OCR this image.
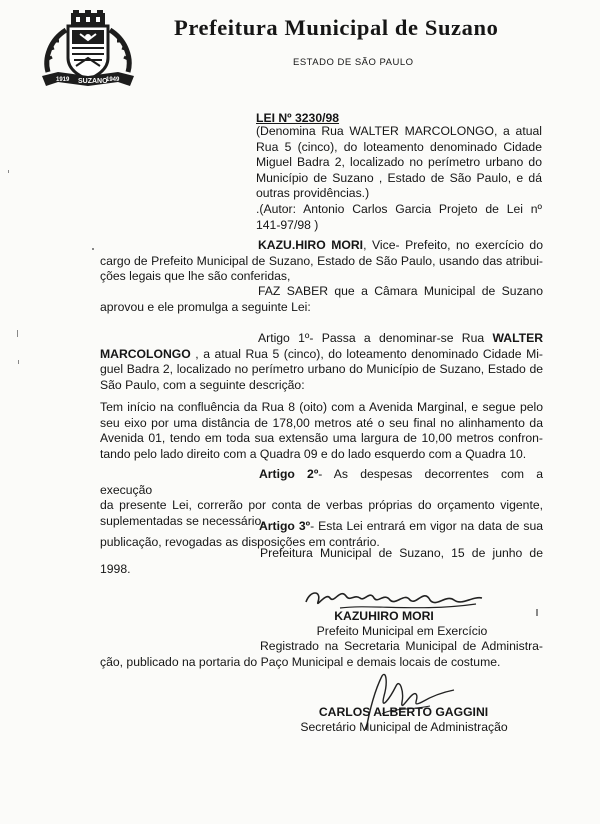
1919 SUZANO
1949
Prefeitura Municipal de Suzano
ESTADO DE SÃO PAULO
LEI Nº 3230/98
(Denomina Rua WALTER MARCOLONGO, a atual
Rua 5 (cinco), do loteamento denominado Cidade
Miguel Badra 2, localizado no perímetro urbano do
Município de Suzano , Estado de São Paulo, e dá
outras providências.)
.(Autor: Antonio Carlos Garcia Projeto de Lei nº
141-97/98 )
KAZU.HIRO MORI, Vice- Prefeito, no exercício do
cargo de Prefeito Municipal de Suzano, Estado de São Paulo, usando das atribui-
ções legais que lhe são conferidas,
FAZ SABER que a Câmara Municipal de Suzano
aprovou e ele promulga a seguinte Lei:
Artigo 1º- Passa a denominar-se Rua WALTER
MARCOLONGO , a atual Rua 5 (cinco), do loteamento denominado Cidade Mi-
guel Badra 2, localizado no perímetro urbano do Município de Suzano, Estado de
São Paulo, com a seguinte descrição:
Tem início na confluência da Rua 8 (oito) com a Avenida Marginal, e segue pelo
seu eixo por uma distância de 178,00 metros até o seu final no alinhamento da
Avenida 01, tendo em toda sua extensão uma largura de 10,00 metros confron-
tando pelo lado direito com a Quadra 09 e do lado esquerdo com a Quadra 10.
Artigo 2º- As despesas decorrentes com a execução
da presente Lei, correrão por conta de verbas próprias do orçamento vigente,
suplementadas se necessário.
Artigo 3º- Esta Lei entrará em vigor na data de sua
publicação, revogadas as disposições em contrário.
Prefeitura Municipal de Suzano, 15 de junho de
1998.
KAZUHIRO MORI
Prefeito Municipal em Exercício
Registrado na Secretaria Municipal de Administra-
ção, publicado na portaria do Paço Municipal e demais locais de costume.
CARLOS ALBERTO GAGGINI
Secretário Municipal de Administração
